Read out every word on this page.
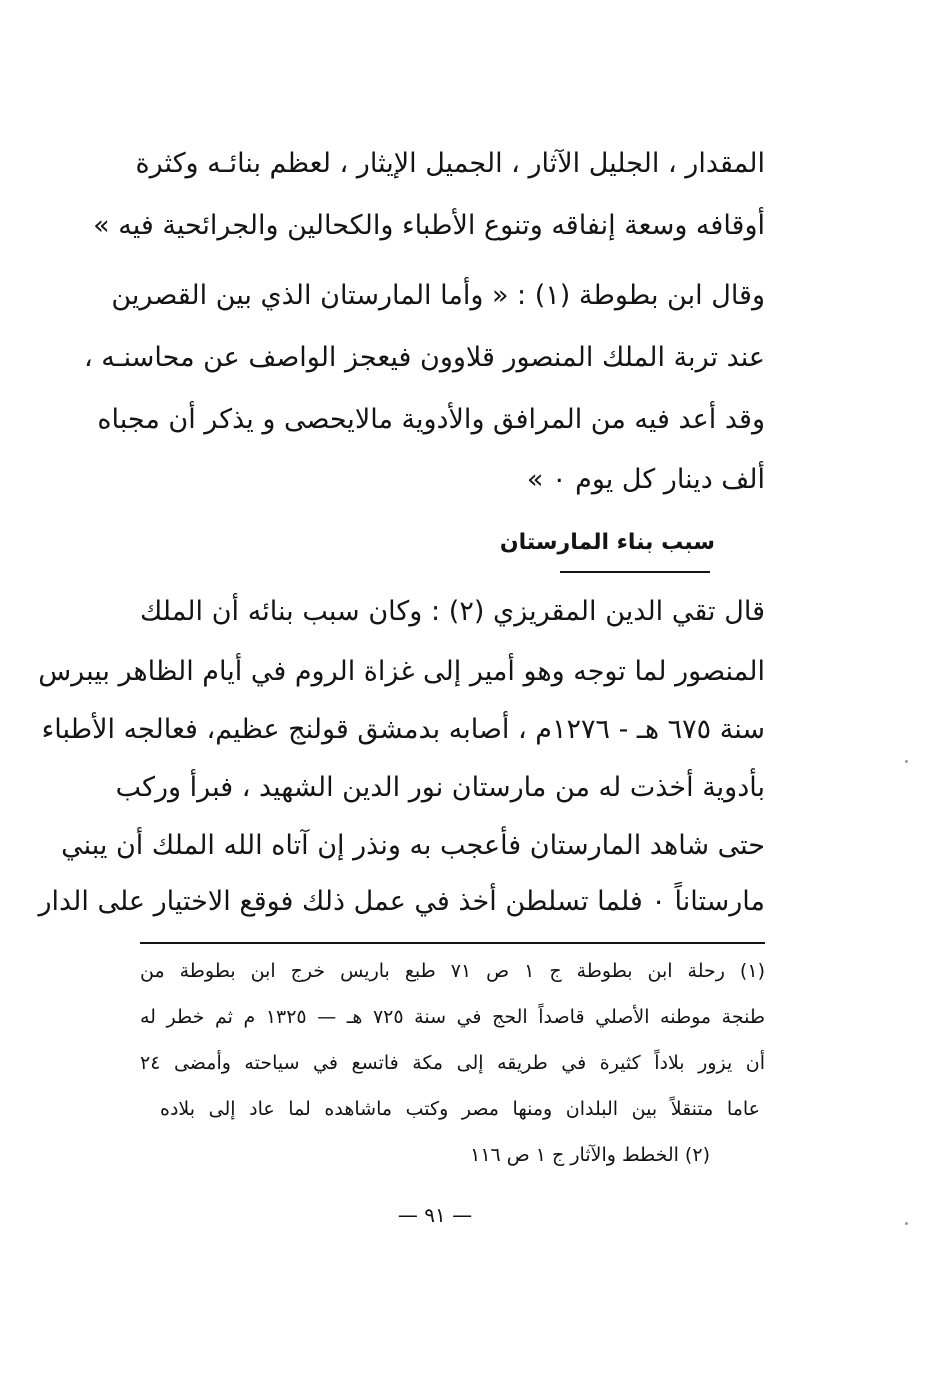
المقدار ، الجليل الآثار ، الجميل الإيثار ، لعظم بنائـه وكثرة
أوقافه وسعة إنفاقه وتنوع الأطباء والكحالين والجرائحية فيه »
وقال ابن بطوطة (١) : « وأما المارستان الذي بين القصرين
عند تربة الملك المنصور قلاوون فيعجز الواصف عن محاسنـه ،
وقد أعد فيه من المرافق والأدوية مالايحصى و يذكر أن مجباه
ألف دينار كل يوم ٠ »
سبب بناء المارستان
قال تقي الدين المقريزي (٢) : وكان سبب بنائه أن الملك
المنصور لما توجه وهو أمير إلى غزاة الروم في أيام الظاهر بيبرس
سنة ٦٧٥ هـ - ١٢٧٦م ، أصابه بدمشق قولنج عظيم، فعالجه الأطباء
بأدوية أخذت له من مارستان نور الدين الشهيد ، فبرأ وركب
حتى شاهد المارستان فأعجب به ونذر إن آتاه الله الملك أن يبني
مارستاناً ٠ فلما تسلطن أخذ في عمل ذلك فوقع الاختيار على الدار
(١) رحلة ابن بطوطة ج ١ ص ٧١ طبع باريس خرج ابن بطوطة من
طنجة موطنه الأصلي قاصداً الحج في سنة ٧٢٥ هـ — ١٣٢٥ م ثم خطر له
أن يزور بلاداً كثيرة في طريقه إلى مكة فاتسع في سياحته وأمضى ٢٤
عاما متنقلاً بين البلدان ومنها مصر وكتب ماشاهده لما عاد إلى بلاده
(٢) الخطط والآثار ج ١ ص ١١٦
— ٩١ —
